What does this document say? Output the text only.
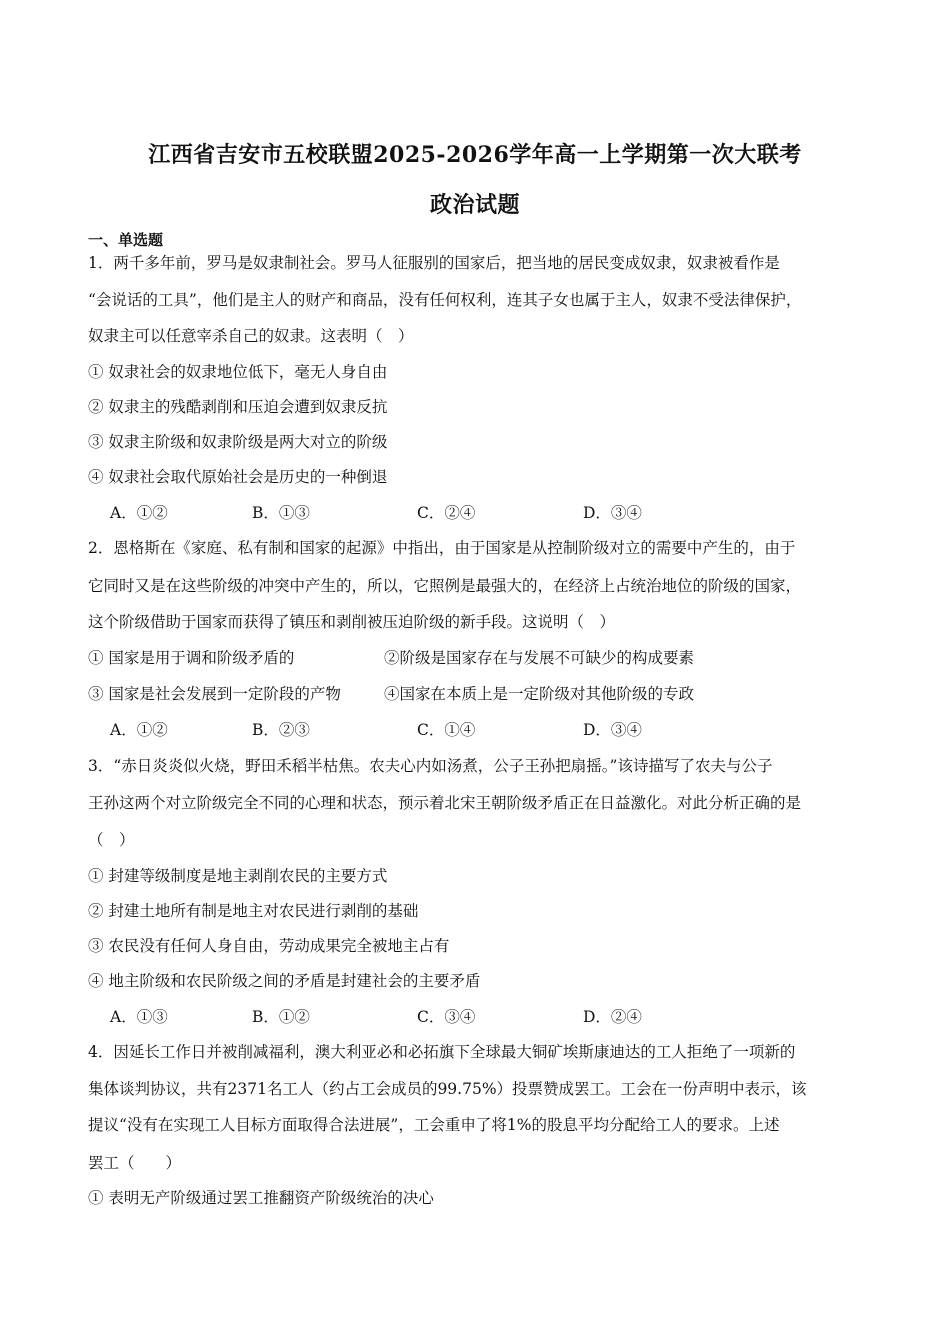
江西省吉安市五校联盟2025-2026学年高一上学期第一次大联考
政治试题
一、单选题
1．两千多年前，罗马是奴隶制社会。罗马人征服别的国家后，把当地的居民变成奴隶，奴隶被看作是
“会说话的工具”，他们是主人的财产和商品，没有任何权利，连其子女也属于主人，奴隶不受法律保护，
奴隶主可以任意宰杀自己的奴隶。这表明（　）
① 奴隶社会的奴隶地位低下，毫无人身自由
② 奴隶主的残酷剥削和压迫会遭到奴隶反抗
③ 奴隶主阶级和奴隶阶级是两大对立的阶级
④ 奴隶社会取代原始社会是历史的一种倒退
A．①②	B．①③	C．②④	D．③④
2．恩格斯在《家庭、私有制和国家的起源》中指出，由于国家是从控制阶级对立的需要中产生的，由于
它同时又是在这些阶级的冲突中产生的，所以，它照例是最强大的，在经济上占统治地位的阶级的国家，
这个阶级借助于国家而获得了镇压和剥削被压迫阶级的新手段。这说明（　）
① 国家是用于调和阶级矛盾的	②阶级是国家存在与发展不可缺少的构成要素
③ 国家是社会发展到一定阶段的产物	④国家在本质上是一定阶级对其他阶级的专政
A．①②	B．②③	C．①④	D．③④
3．“赤日炎炎似火烧，野田禾稻半枯焦。农夫心内如汤煮，公子王孙把扇摇。”该诗描写了农夫与公子
王孙这两个对立阶级完全不同的心理和状态，预示着北宋王朝阶级矛盾正在日益激化。对此分析正确的是
（　）
① 封建等级制度是地主剥削农民的主要方式
② 封建土地所有制是地主对农民进行剥削的基础
③ 农民没有任何人身自由，劳动成果完全被地主占有
④ 地主阶级和农民阶级之间的矛盾是封建社会的主要矛盾
A．①③	B．①②	C．③④	D．②④
4．因延长工作日并被削减福利，澳大利亚必和必拓旗下全球最大铜矿埃斯康迪达的工人拒绝了一项新的
集体谈判协议，共有2371名工人（约占工会成员的99.75%）投票赞成罢工。工会在一份声明中表示，该
提议“没有在实现工人目标方面取得合法进展”，工会重申了将1%的股息平均分配给工人的要求。上述
罢工（　　）
① 表明无产阶级通过罢工推翻资产阶级统治的决心
